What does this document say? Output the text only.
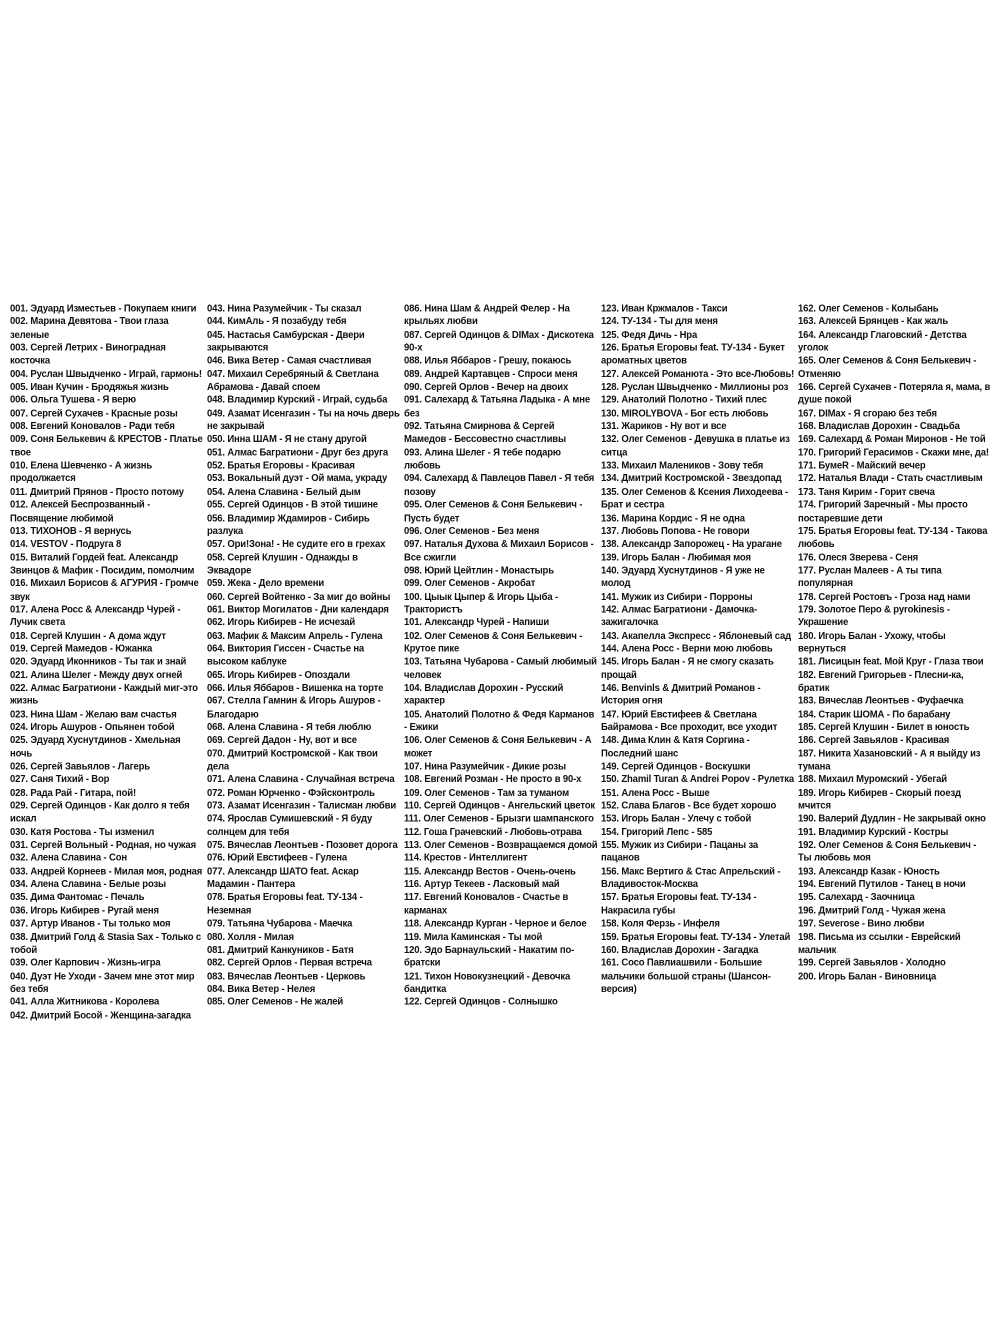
001. Эдуард Изместьев - Покупаем книги
002. Марина Девятова - Твои глаза зеленые
003. Сергей Летрих - Виноградная косточка
004. Руслан Швыдченко - Играй, гармонь!
005. Иван Кучин - Бродяжья жизнь
006. Ольга Тушева - Я верю
007. Сергей Сухачев - Красные розы
008. Евгений Коновалов - Ради тебя
009. Соня Белькевич & КРЕСТОВ - Платье твое
010. Елена Шевченко - А жизнь продолжается
011. Дмитрий Прянов - Просто потому
012. Алексей Беспрозванный - Посвящение любимой
013. ТИХОНОВ - Я вернусь
014. VESTOV - Подруга 8
015. Виталий Гордей feat. Александр Звинцов & Мафик - Посидим, помолчим
016. Михаил Борисов & АГУРИЯ - Громче звук
017. Алена Росс & Александр Чурей - Лучик света
018. Сергей Клушин - А дома ждут
019. Сергей Мамедов - Южанка
020. Эдуард Иконников - Ты так и знай
021. Алина Шелег - Между двух огней
022. Алмас Багратиони - Каждый миг-это жизнь
023. Нина Шам - Желаю вам счастья
024. Игорь Ашуров - Опьянен тобой
025. Эдуард Хуснутдинов - Хмельная ночь
026. Сергей Завьялов - Лагерь
027. Саня Тихий - Вор
028. Рада Рай - Гитара, пой!
029. Сергей Одинцов - Как долго я тебя искал
030. Катя Ростова - Ты изменил
031. Сергей Вольный - Родная, но чужая
032. Алена Славина - Сон
033. Андрей Корнеев - Милая моя, родная
034. Алена Славина - Белые розы
035. Дима Фантомас - Печаль
036. Игорь Кибирев - Ругай меня
037. Артур Иванов - Ты только моя
038. Дмитрий Голд & Stasia Sax - Только с тобой
039. Олег Карпович - Жизнь-игра
040. Дуэт Не Уходи - Зачем мне этот мир без тебя
041. Алла Житникова - Королева
042. Дмитрий Босой - Женщина-загадка
043. Нина Разумейчик - Ты сказал
044. КимАль - Я позабуду тебя
045. Настасья Самбурская - Двери закрываются
046. Вика Ветер - Самая счастливая
047. Михаил Серебряный & Светлана Абрамова - Давай споем
048. Владимир Курский - Играй, судьба
049. Азамат Исенгазин - Ты на ночь дверь не закрывай
050. Инна ШАМ - Я не стану другой
051. Алмас Багратиони - Друг без друга
052. Братья Егоровы - Красивая
053. Вокальный дуэт - Ой мама, украду
054. Алена Славина - Белый дым
055. Сергей Одинцов - В этой тишине
056. Владимир Ждамиров - Сибирь разлука
057. Ори!Зона! - Не судите его в грехах
058. Сергей Клушин - Однажды в Эквадоре
059. Жека - Дело времени
060. Сергей Войтенко - За миг до войны
061. Виктор Могилатов - Дни календаря
062. Игорь Кибирев - Не исчезай
063. Мафик & Максим Апрель - Гулена
064. Виктория Гиссен - Счастье на высоком каблуке
065. Игорь Кибирев - Опоздали
066. Илья Яббаров - Вишенка на торте
067. Стелла Гамнин & Игорь Ашуров - Благодарю
068. Алена Славина - Я тебя люблю
069. Сергей Дадон - Ну, вот и все
070. Дмитрий Костромской - Как твои дела
071. Алена Славина - Случайная встреча
072. Роман Юрченко - Фэйсконтроль
073. Азамат Исенгазин - Талисман любви
074. Ярослав Сумишевский - Я буду солнцем для тебя
075. Вячеслав Леонтьев - Позовет дорога
076. Юрий Евстифеев - Гулена
077. Александр ШАТО feat. Аскар Мадамин - Пантера
078. Братья Егоровы feat. ТУ-134 - Неземная
079. Татьяна Чубарова - Маечка
080. Холля - Милая
081. Дмитрий Канкуников - Батя
082. Сергей Орлов - Первая встреча
083. Вячеслав Леонтьев - Церковь
084. Вика Ветер - Нелея
085. Олег Семенов - Не жалей
086. Нина Шам & Андрей Фелер - На крыльях любви
087. Сергей Одинцов & DIMax - Дискотека 90-х
088. Илья Яббаров - Грешу, покаюсь
089. Андрей Картавцев - Спроси меня
090. Сергей Орлов - Вечер на двоих
091. Салехард & Татьяна Ладыка - А мне без
092. Татьяна Смирнова & Сергей Мамедов - Бессовестно счастливы
093. Алина Шелег - Я тебе подарю любовь
094. Салехард & Павлецов Павел - Я тебя позову
095. Олег Семенов & Соня Белькевич - Пусть будет
096. Олег Семенов - Без меня
097. Наталья Духова & Михаил Борисов - Все сжигли
098. Юрий Цейтлин - Монастырь
099. Олег Семенов - Акробат
100. Цыык Цыпер & Игорь Цыба - Трактористъ
101. Александр Чурей - Напиши
102. Олег Семенов & Соня Белькевич - Крутое пике
103. Татьяна Чубарова - Самый любимый человек
104. Владислав Дорохин - Русский характер
105. Анатолий Полотно & Федя Карманов - Ежики
106. Олег Семенов & Соня Белькевич - А может
107. Нина Разумейчик - Дикие розы
108. Евгений Розман - Не просто в 90-х
109. Олег Семенов - Там за туманом
110. Сергей Одинцов - Ангельский цветок
111. Олег Семенов - Брызги шампанского
112. Гоша Грачевский - Любовь-отрава
113. Олег Семенов - Возвращаемся домой
114. Крестов - Интеллигент
115. Александр Вестов - Очень-очень
116. Артур Текеев - Ласковый май
117. Евгений Коновалов - Счастье в карманах
118. Александр Курган - Черное и белое
119. Мила Каминская - Ты мой
120. Эдо Барнаульский - Накатим по-братски
121. Тихон Новокузнецкий - Девочка бандитка
122. Сергей Одинцов - Солнышко
123. Иван Кржмалов - Такси
124. ТУ-134 - Ты для меня
125. Федя Дичь - Нра
126. Братья Егоровы feat. ТУ-134 - Букет ароматных цветов
127. Алексей Романюта - Это все-Любовь!
128. Руслан Швыдченко - Миллионы роз
129. Анатолий Полотно - Тихий плес
130. MIROLYBOVA - Бог есть любовь
131. Жариков - Ну вот и все
132. Олег Семенов - Девушка в платье из ситца
133. Михаил Малеников - Зову тебя
134. Дмитрий Костромской - Звездопад
135. Олег Семенов & Ксения Лиходеева - Брат и сестра
136. Марина Кордис - Я не одна
137. Любовь Попова - Не говори
138. Александр Запорожец - На урагане
139. Игорь Балан - Любимая моя
140. Эдуард Хуснутдинов - Я уже не молод
141. Мужик из Сибири - Порроны
142. Алмас Багратиони - Дамочка-зажигалочка
143. Акапелла Экспресс - Яблоневый сад
144. Алена Росс - Верни мою любовь
145. Игорь Балан - Я не смогу сказать прощай
146. Benvinls & Дмитрий Романов - История огня
147. Юрий Евстифеев & Светлана Байрамова - Все проходит, все уходит
148. Дима Клин & Катя Соргина - Последний шанс
149. Сергей Одинцов - Воскушки
150. Zhamil Turan & Andrei Popov - Рулетка
151. Алена Росс - Выше
152. Слава Благов - Все будет хорошо
153. Игорь Балан - Улечу с тобой
154. Григорий Лепс - 585
155. Мужик из Сибири - Пацаны за пацанов
156. Макс Вертиго & Стас Апрельский - Владивосток-Москва
157. Братья Егоровы feat. ТУ-134 - Накрасила губы
158. Коля Ферзь - Инфеля
159. Братья Егоровы feat. ТУ-134 - Улетай
160. Владислав Дорохин - Загадка
161. Сосо Павлиашвили - Большие мальчики большой страны (Шансон-версия)
162. Олег Семенов - Колыбань
163. Алексей Брянцев - Как жаль
164. Александр Глаговский - Детства уголок
165. Олег Семенов & Соня Белькевич - Отменяю
166. Сергей Сухачев - Потеряла я, мама, в душе покой
167. DIMax - Я сгораю без тебя
168. Владислав Дорохин - Свадьба
169. Салехард & Роман Миронов - Не той
170. Григорий Герасимов - Скажи мне, да!
171. БумеR - Майский вечер
172. Наталья Влади - Стать счастливым
173. Таня Кирим - Горит свеча
174. Григорий Заречный - Мы просто постаревшие дети
175. Братья Егоровы feat. ТУ-134 - Такова любовь
176. Олеся Зверева - Сеня
177. Руслан Малеев - А ты типа популярная
178. Сергей Ростовъ - Гроза над нами
179. Золотое Перо & pyrokinesis - Украшение
180. Игорь Балан - Ухожу, чтобы вернуться
181. Лисицын feat. Мой Круг - Глаза твои
182. Евгений Григорьев - Плесни-ка, братик
183. Вячеслав Леонтьев - Фуфаечка
184. Старик ШОМА - По барабану
185. Сергей Клушин - Билет в юность
186. Сергей Завьялов - Красивая
187. Никита Хазановский - А я выйду из тумана
188. Михаил Муромский - Убегай
189. Игорь Кибирев - Скорый поезд мчится
190. Валерий Дудлин - Не закрывай окно
191. Владимир Курский - Костры
192. Олег Семенов & Соня Белькевич - Ты любовь моя
193. Александр Казак - Юность
194. Евгений Путилов - Танец в ночи
195. Салехард - Заочница
196. Дмитрий Голд - Чужая жена
197. Severose - Вино любви
198. Письма из ссылки - Еврейский мальчик
199. Сергей Завьялов - Холодно
200. Игорь Балан - Виновница
